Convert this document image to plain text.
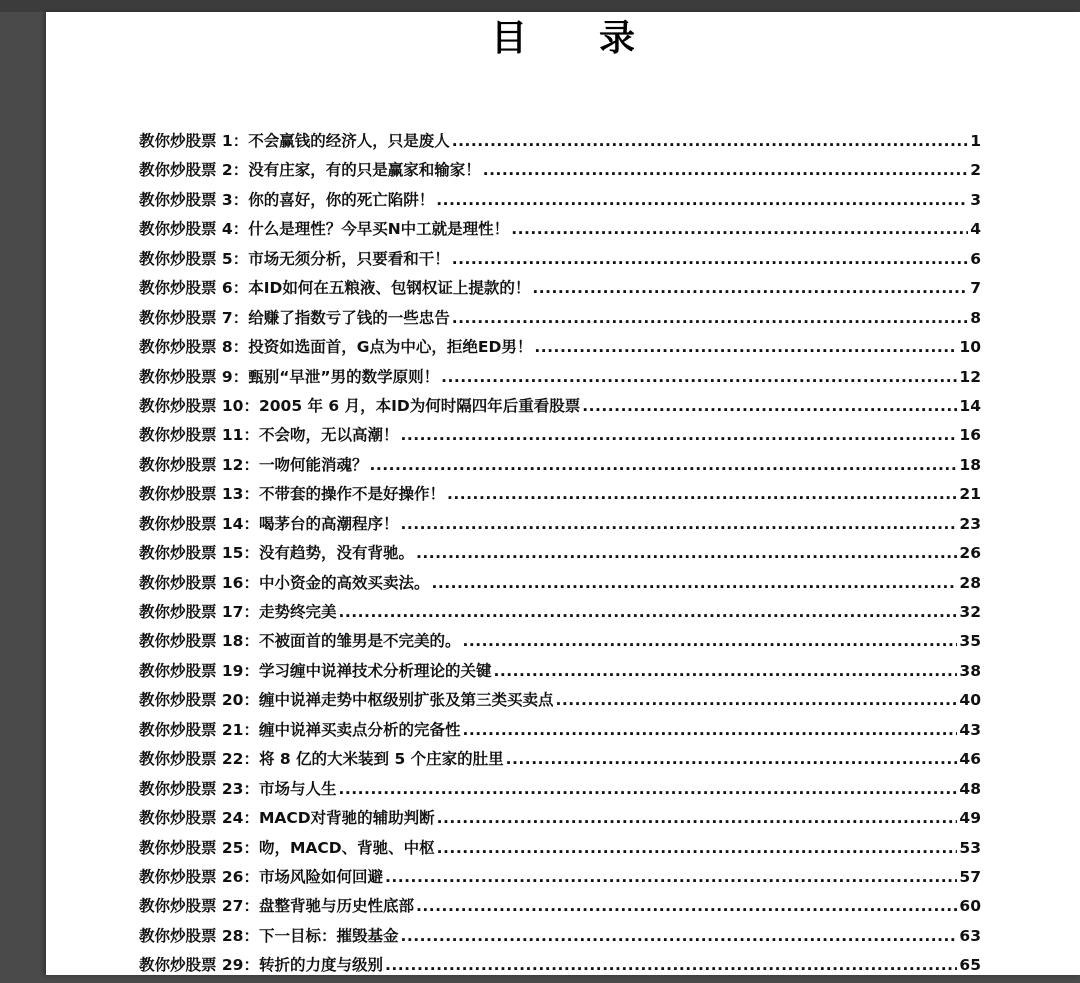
目录
教你炒股票 1 ： 不会赢钱的经济人，只是废人 .....	1
教你炒股票 2 ： 没有庄家，有的只是赢家和输家！ .....	2
教你炒股票 3 ： 你的喜好，你的死亡陷阱！ .....	3
教你炒股票 4 ： 什么是理性？今早买N中工就是理性！ .....	4
教你炒股票 5 ： 市场无须分析，只要看和干！ .....	6
教你炒股票 6 ： 本ID如何在五粮液、包钢权证上提款的！ .....	7
教你炒股票 7 ： 给赚了指数亏了钱的一些忠告 .....	8
教你炒股票 8 ： 投资如选面首，G点为中心，拒绝ED男！ .....	10
教你炒股票 9 ： 甄别“早泄”男的数学原则！ .....	12
教你炒股票 10 ： 2005 年 6 月，本ID为何时隔四年后重看股票 .....	14
教你炒股票 11 ： 不会吻，无以高潮！ .....	16
教你炒股票 12 ： 一吻何能消魂？ .....	18
教你炒股票 13 ： 不带套的操作不是好操作！ .....	21
教你炒股票 14 ： 喝茅台的高潮程序！ .....	23
教你炒股票 15 ： 没有趋势，没有背驰。 .....	26
教你炒股票 16 ： 中小资金的高效买卖法。 .....	28
教你炒股票 17 ： 走势终完美 .....	32
教你炒股票 18 ： 不被面首的雏男是不完美的。 .....	35
教你炒股票 19 ： 学习缠中说禅技术分析理论的关键 .....	38
教你炒股票 20 ： 缠中说禅走势中枢级别扩张及第三类买卖点 .....	40
教你炒股票 21 ： 缠中说禅买卖点分析的完备性 .....	43
教你炒股票 22 ： 将 8 亿的大米装到 5 个庄家的肚里 .....	46
教你炒股票 23 ： 市场与人生 .....	48
教你炒股票 24 ： MACD对背驰的辅助判断 .....	49
教你炒股票 25 ： 吻，MACD、背驰、中枢 .....	53
教你炒股票 26 ： 市场风险如何回避 .....	57
教你炒股票 27 ： 盘整背驰与历史性底部 .....	60
教你炒股票 28 ： 下一目标：摧毁基金 .....	63
教你炒股票 29 ： 转折的力度与级别 .....	65
